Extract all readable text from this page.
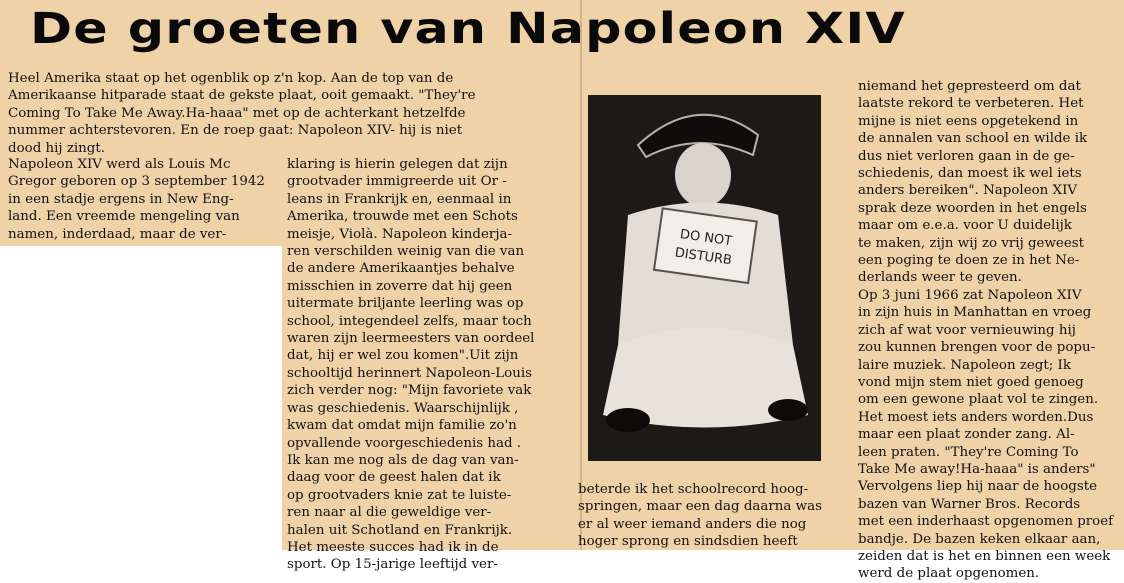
De groeten van Napoleon XIV
Heel Amerika staat op het ogenblik op z'n kop. Aan de top van de
Amerikaanse hitparade staat de gekste plaat, ooit gemaakt. "They're
Coming To Take Me Away.Ha-haaa" met op de achterkant hetzelfde
nummer achterstevoren. En de roep gaat: Napoleon XIV- hij is niet
dood hij zingt.
Napoleon XIV werd als Louis Mc
Gregor geboren op 3 september 1942
in een stadje ergens in New Eng-
land. Een vreemde mengeling van
namen, inderdaad, maar de ver-
klaring is hierin gelegen dat zijn
grootvader immigreerde uit Or -
leans in Frankrijk en, eenmaal in
Amerika, trouwde met een Schots
meisje, Violà. Napoleon kinderja-
ren verschilden weinig van die van
de andere Amerikaantjes behalve
misschien in zoverre dat hij geen
uitermate briljante leerling was op
school, integendeel zelfs, maar toch
waren zijn leermeesters van oordeel
dat, hij er wel zou komen".Uit zijn
schooltijd herinnert Napoleon-Louis
zich verder nog: "Mijn favoriete vak
was geschiedenis. Waarschijnlijk ,
kwam dat omdat mijn familie zo'n
opvallende voorgeschiedenis had .
Ik kan me nog als de dag van van-
daag voor de geest halen dat ik
op grootvaders knie zat te luiste-
ren naar al die geweldige ver-
halen uit Schotland en Frankrijk.
Het meeste succes had ik in de
sport. Op 15-jarige leeftijd ver-
beterde ik het schoolrecord hoog-
springen, maar een dag daarna was
er al weer iemand anders die nog
hoger sprong en sindsdien heeft
niemand het gepresteerd om dat
laatste rekord te verbeteren. Het
mijne is niet eens opgetekend in
de annalen van school en wilde ik
dus niet verloren gaan in de ge-
schiedenis, dan moest ik wel iets
anders bereiken". Napoleon XIV
sprak deze woorden in het engels
maar om e.e.a. voor U duidelijk
te maken, zijn wij zo vrij geweest
een poging te doen ze in het Ne-
derlands weer te geven.
Op 3 juni 1966 zat Napoleon XIV
in zijn huis in Manhattan en vroeg
zich af wat voor vernieuwing hij
zou kunnen brengen voor de popu-
laire muziek. Napoleon zegt; Ik
vond mijn stem niet goed genoeg
om een gewone plaat vol te zingen.
Het moest iets anders worden.Dus
maar een plaat zonder zang. Al-
leen praten. "They're Coming To
Take Me away!Ha-haaa" is anders"
Vervolgens liep hij naar de hoogste
bazen van Warner Bros. Records
met een inderhaast opgenomen proef
bandje. De bazen keken elkaar aan,
zeiden dat is het en binnen een week
werd de plaat opgenomen.
DO NOT
DISTURB
